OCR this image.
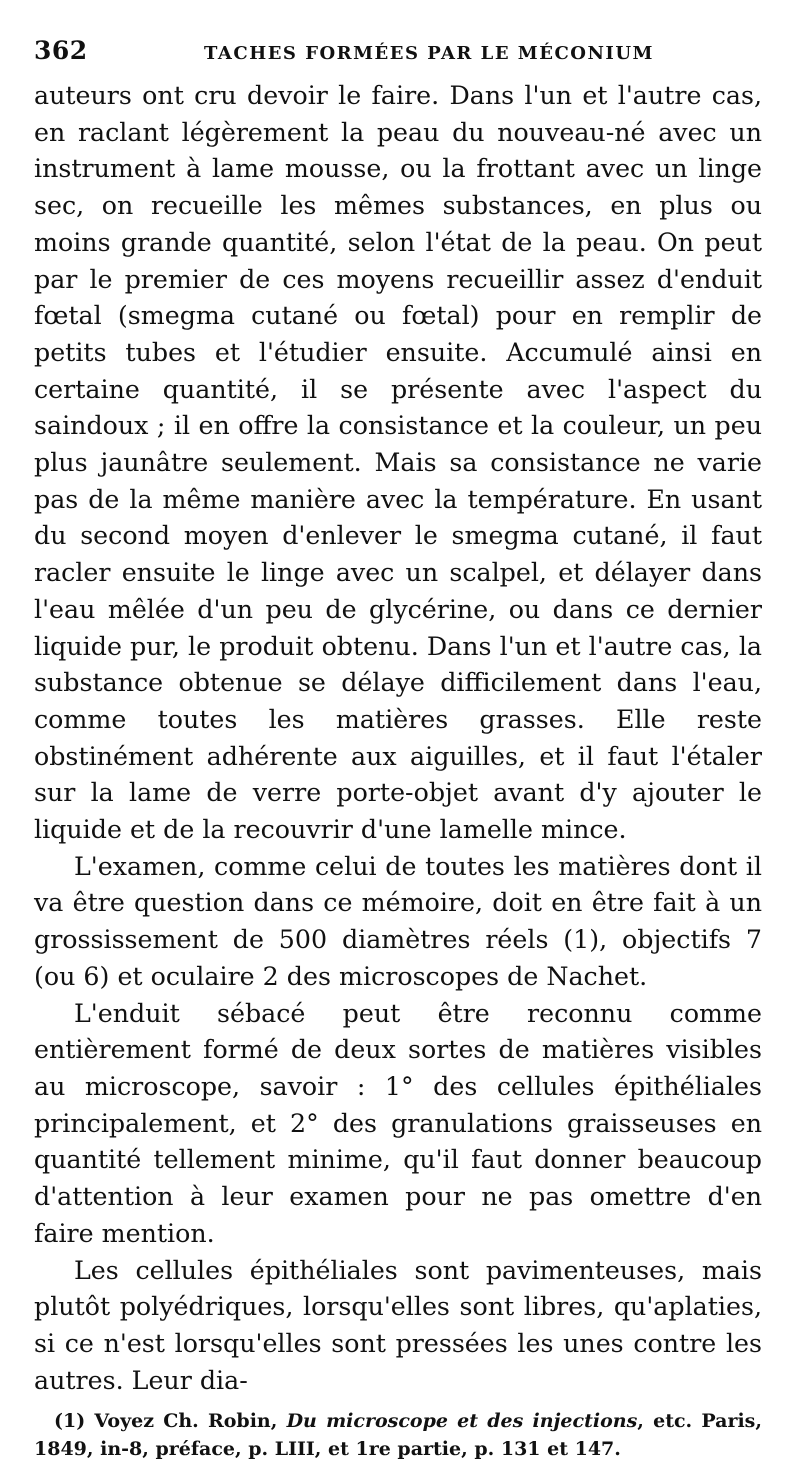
362	TACHES FORMÉES PAR LE MÉCONIUM

auteurs ont cru devoir le faire. Dans l'un et l'autre cas, en raclant légèrement la peau du nouveau-né avec un instrument à lame mousse, ou la frottant avec un linge sec, on recueille les mêmes substances, en plus ou moins grande quantité, selon l'état de la peau. On peut par le premier de ces moyens recueillir assez d'enduit fœtal (smegma cutané ou fœtal) pour en remplir de petits tubes et l'étudier ensuite. Accumulé ainsi en certaine quantité, il se présente avec l'aspect du saindoux ; il en offre la consistance et la couleur, un peu plus jaunâtre seulement. Mais sa consistance ne varie pas de la même manière avec la température. En usant du second moyen d'enlever le smegma cutané, il faut racler ensuite le linge avec un scalpel, et délayer dans l'eau mêlée d'un peu de glycérine, ou dans ce dernier liquide pur, le produit obtenu. Dans l'un et l'autre cas, la substance obtenue se délaye difficilement dans l'eau, comme toutes les matières grasses. Elle reste obstinément adhérente aux aiguilles, et il faut l'étaler sur la lame de verre porte-objet avant d'y ajouter le liquide et de la recouvrir d'une lamelle mince.

L'examen, comme celui de toutes les matières dont il va être question dans ce mémoire, doit en être fait à un grossissement de 500 diamètres réels (1), objectifs 7 (ou 6) et oculaire 2 des microscopes de Nachet.

L'enduit sébacé peut être reconnu comme entièrement formé de deux sortes de matières visibles au microscope, savoir : 1° des cellules épithéliales principalement, et 2° des granulations graisseuses en quantité tellement minime, qu'il faut donner beaucoup d'attention à leur examen pour ne pas omettre d'en faire mention.

Les cellules épithéliales sont pavimenteuses, mais plutôt polyédriques, lorsqu'elles sont libres, qu'aplaties, si ce n'est lorsqu'elles sont pressées les unes contre les autres. Leur dia-

(1) Voyez Ch. Robin, Du microscope et des injections, etc. Paris, 1849, in-8, préface, p. LIII, et 1re partie, p. 131 et 147.
